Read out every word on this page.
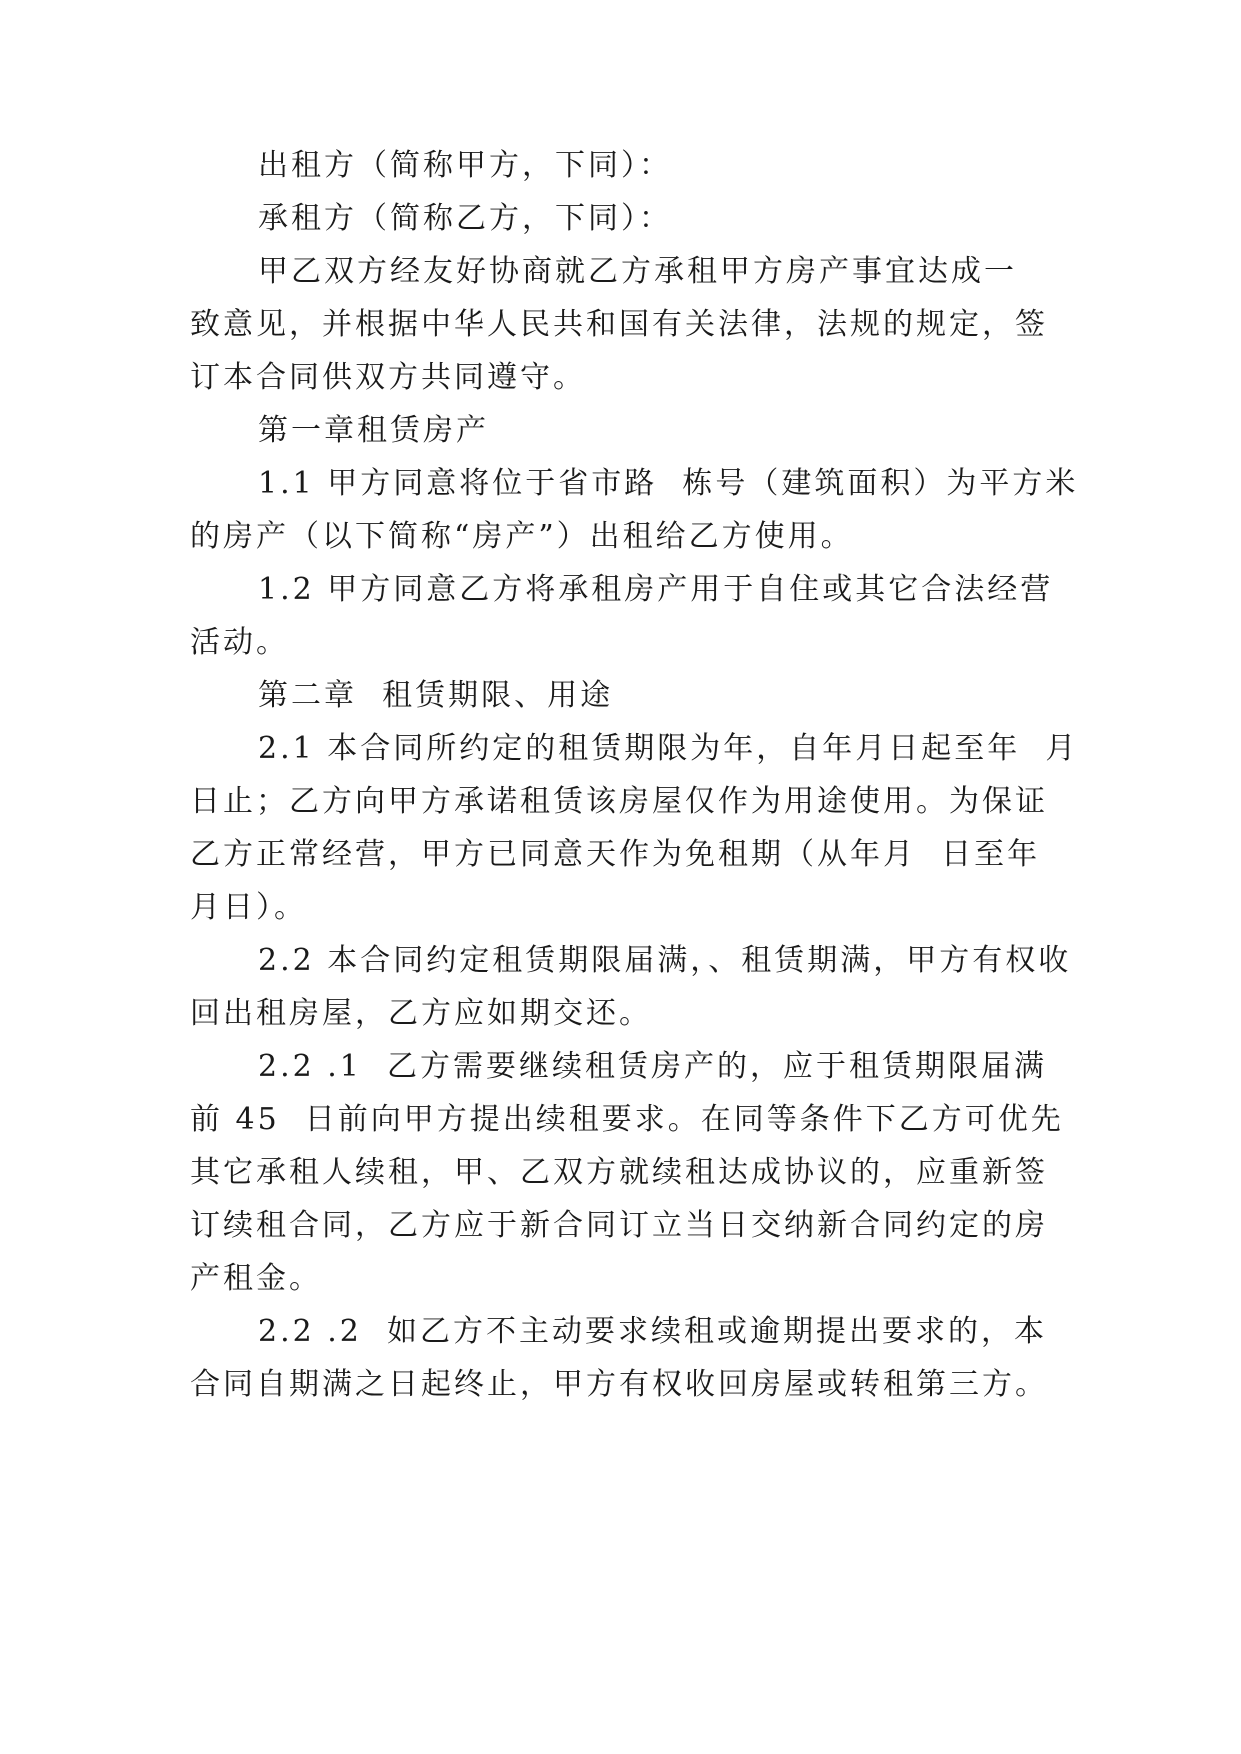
出租方（简称甲方，下同）：
承租方（简称乙方，下同）：
甲乙双方经友好协商就乙方承租甲方房产事宜达成一
致意见，并根据中华人民共和国有关法律，法规的规定，签
订本合同供双方共同遵守。
第一章租赁房产
1.1 甲方同意将位于省市路  栋号（建筑面积）为平方米
的房产（以下简称“房产”）出租给乙方使用。
1.2 甲方同意乙方将承租房产用于自住或其它合法经营
活动。
第二章  租赁期限、用途
2.1 本合同所约定的租赁期限为年，自年月日起至年  月
日止；乙方向甲方承诺租赁该房屋仅作为用途使用。为保证
乙方正常经营，甲方已同意天作为免租期（从年月  日至年
月日）。
2.2 本合同约定租赁期限届满，、租赁期满，甲方有权收
回出租房屋，乙方应如期交还。
2.2 .1  乙方需要继续租赁房产的，应于租赁期限届满
前 45  日前向甲方提出续租要求。在同等条件下乙方可优先
其它承租人续租，甲、乙双方就续租达成协议的，应重新签
订续租合同，乙方应于新合同订立当日交纳新合同约定的房
产租金。
2.2 .2  如乙方不主动要求续租或逾期提出要求的，本
合同自期满之日起终止，甲方有权收回房屋或转租第三方。
